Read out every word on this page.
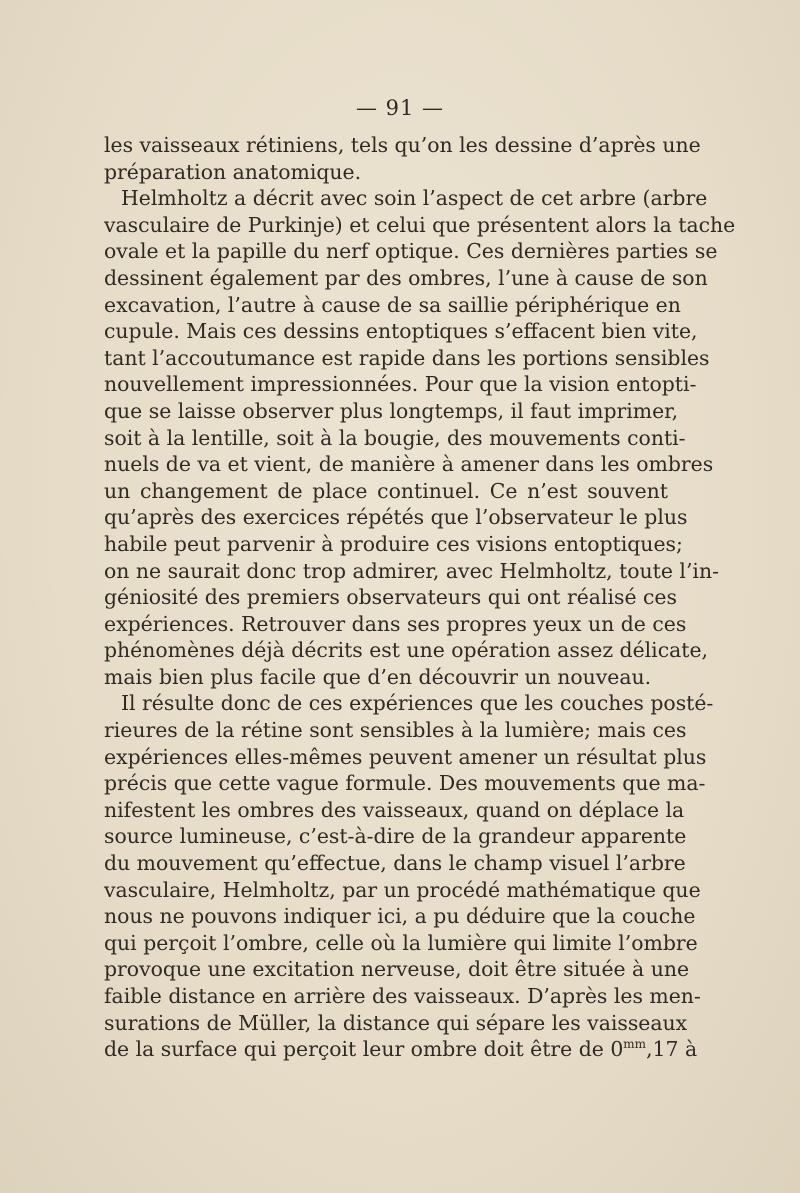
— 91 —
les vaisseaux rétiniens, tels qu’on les dessine d’après une
préparation anatomique.
Helmholtz a décrit avec soin l’aspect de cet arbre (arbre
vasculaire de Purkinje) et celui que présentent alors la tache
ovale et la papille du nerf optique. Ces dernières parties se
dessinent également par des ombres, l’une à cause de son
excavation, l’autre à cause de sa saillie périphérique en
cupule. Mais ces dessins entoptiques s’effacent bien vite,
tant l’accoutumance est rapide dans les portions sensibles
nouvellement impressionnées. Pour que la vision entopti-
que se laisse observer plus longtemps, il faut imprimer,
soit à la lentille, soit à la bougie, des mouvements conti-
nuels de va et vient, de manière à amener dans les ombres
un changement de place continuel. Ce n’est souvent
qu’après des exercices répétés que l’observateur le plus
habile peut parvenir à produire ces visions entoptiques;
on ne saurait donc trop admirer, avec Helmholtz, toute l’in-
géniosité des premiers observateurs qui ont réalisé ces
expériences. Retrouver dans ses propres yeux un de ces
phénomènes déjà décrits est une opération assez délicate,
mais bien plus facile que d’en découvrir un nouveau.
Il résulte donc de ces expériences que les couches posté-
rieures de la rétine sont sensibles à la lumière; mais ces
expériences elles-mêmes peuvent amener un résultat plus
précis que cette vague formule. Des mouvements que ma-
nifestent les ombres des vaisseaux, quand on déplace la
source lumineuse, c’est-à-dire de la grandeur apparente
du mouvement qu’effectue, dans le champ visuel l’arbre
vasculaire, Helmholtz, par un procédé mathématique que
nous ne pouvons indiquer ici, a pu déduire que la couche
qui perçoit l’ombre, celle où la lumière qui limite l’ombre
provoque une excitation nerveuse, doit être située à une
faible distance en arrière des vaisseaux. D’après les men-
surations de Müller, la distance qui sépare les vaisseaux
de la surface qui perçoit leur ombre doit être de $0^{mm},17$ à
